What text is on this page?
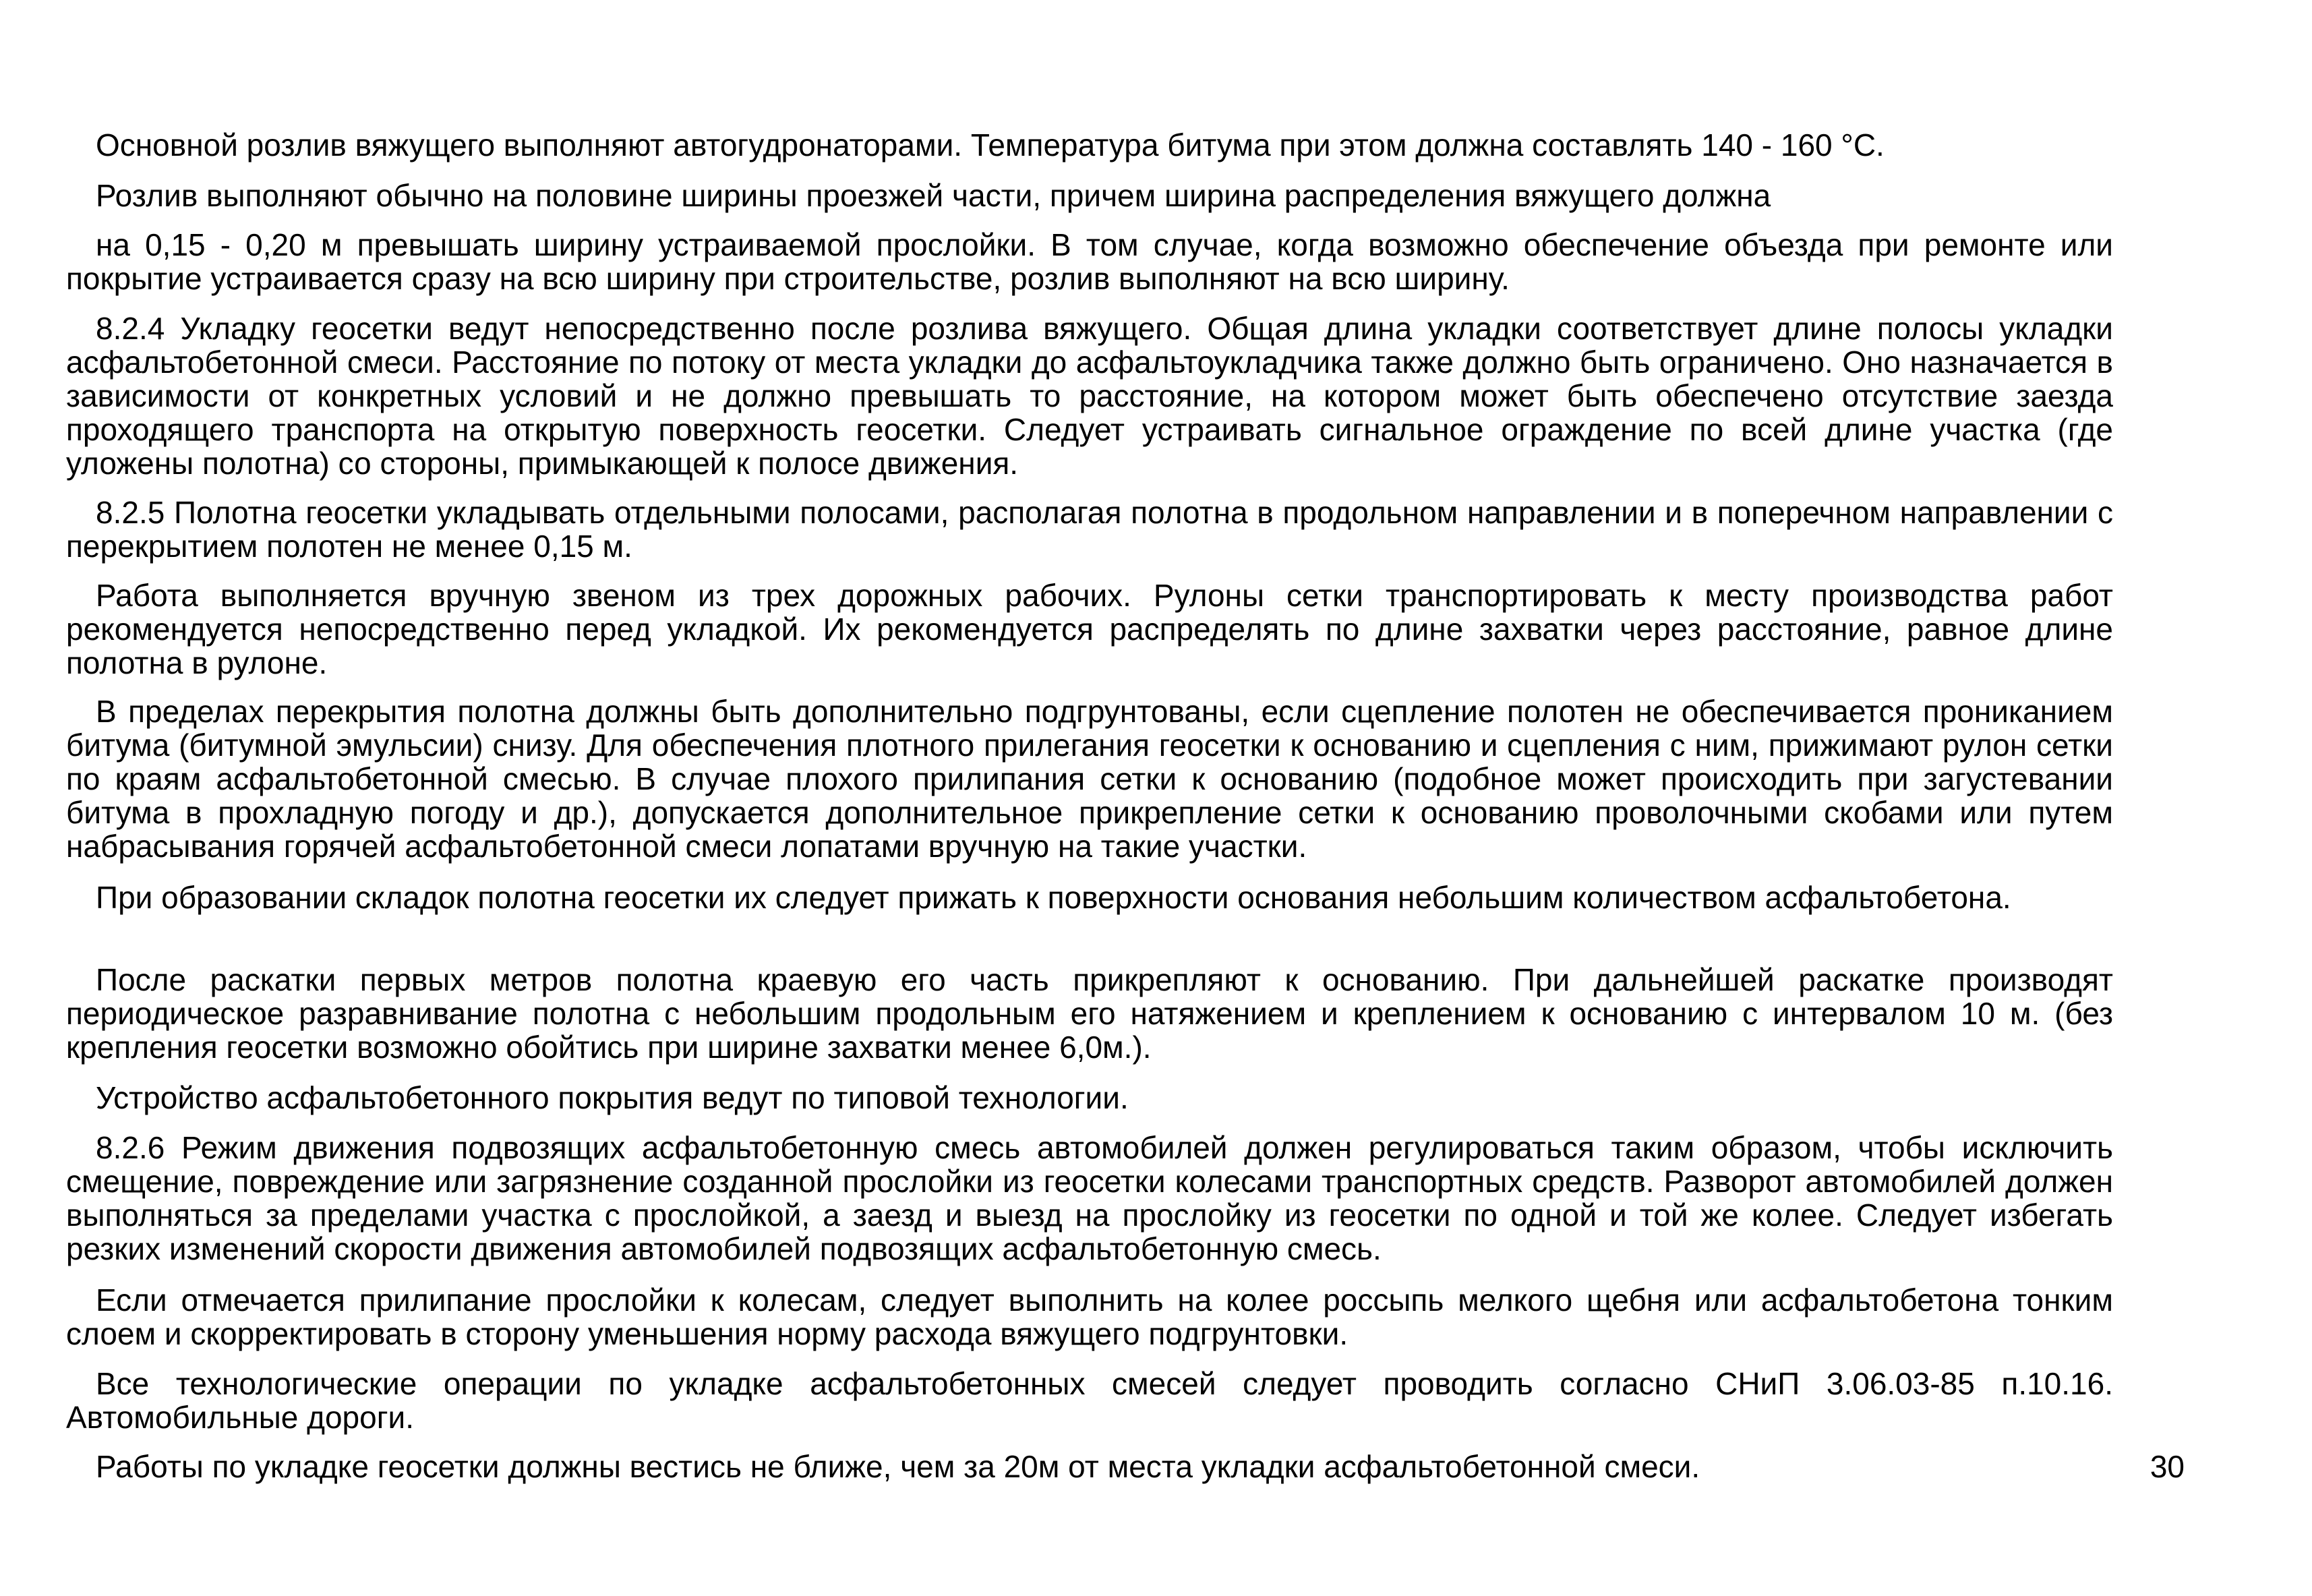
Основной розлив вяжущего выполняют автогудронаторами. Температура битума при этом должна составлять 140 - 160 °С.

Розлив выполняют обычно на половине ширины проезжей части, причем ширина распределения вяжущего должна

на 0,15 - 0,20 м превышать ширину устраиваемой прослойки. В том случае, когда возможно обеспечение объезда при ремонте или покрытие устраивается сразу на всю ширину при строительстве, розлив выполняют на всю ширину.

8.2.4 Укладку геосетки ведут непосредственно после розлива вяжущего. Общая длина укладки соответствует длине полосы укладки асфальтобетонной смеси. Расстояние по потоку от места укладки до асфальтоукладчика также должно быть ограничено. Оно назначается в зависимости от конкретных условий и не должно превышать то расстояние, на котором может быть обеспечено отсутствие заезда проходящего транспорта на открытую поверхность геосетки. Следует устраивать сигнальное ограждение по всей длине участка (где уложены полотна) со стороны, примыкающей к полосе движения.

8.2.5 Полотна геосетки укладывать отдельными полосами, располагая полотна в продольном направлении и в поперечном направлении с перекрытием полотен не менее 0,15 м.

Работа выполняется вручную звеном из трех дорожных рабочих. Рулоны сетки транспортировать к месту производства работ рекомендуется непосредственно перед укладкой. Их рекомендуется распределять по длине захватки через расстояние, равное длине полотна в рулоне.

В пределах перекрытия полотна должны быть дополнительно подгрунтованы, если сцепление полотен не обеспечивается прониканием битума (битумной эмульсии) снизу. Для обеспечения плотного прилегания геосетки к основанию и сцепления с ним, прижимают рулон сетки по краям асфальтобетонной смесью. В случае плохого прилипания сетки к основанию (подобное может происходить при загустевании битума в прохладную погоду и др.), допускается дополнительное прикрепление сетки к основанию проволочными скобами или путем набрасывания горячей асфальтобетонной смеси лопатами вручную на такие участки.

При образовании складок полотна геосетки их следует прижать к поверхности основания небольшим количеством асфальтобетона.

После раскатки первых метров полотна краевую его часть прикрепляют к основанию. При дальнейшей раскатке производят периодическое разравнивание полотна с небольшим продольным его натяжением и креплением к основанию с интервалом 10 м. (без крепления геосетки возможно обойтись при ширине захватки менее 6,0м.).

Устройство асфальтобетонного покрытия ведут по типовой технологии.

8.2.6 Режим движения подвозящих асфальтобетонную смесь автомобилей должен регулироваться таким образом, чтобы исключить смещение, повреждение или загрязнение созданной прослойки из геосетки колесами транспортных средств. Разворот автомобилей должен выполняться за пределами участка с прослойкой, а заезд и выезд на прослойку из геосетки по одной и той же колее. Следует избегать резких изменений скорости движения автомобилей подвозящих асфальтобетонную смесь.

Если отмечается прилипание прослойки к колесам, следует выполнить на колее россыпь мелкого щебня или асфальтобетона тонким слоем и скорректировать в сторону уменьшения норму расхода вяжущего подгрунтовки.

Все технологические операции по укладке асфальтобетонных смесей следует проводить согласно СНиП 3.06.03-85 п.10.16. Автомобильные дороги.

Работы по укладке геосетки должны вестись не ближе, чем за 20м от места укладки асфальтобетонной смеси.	30
